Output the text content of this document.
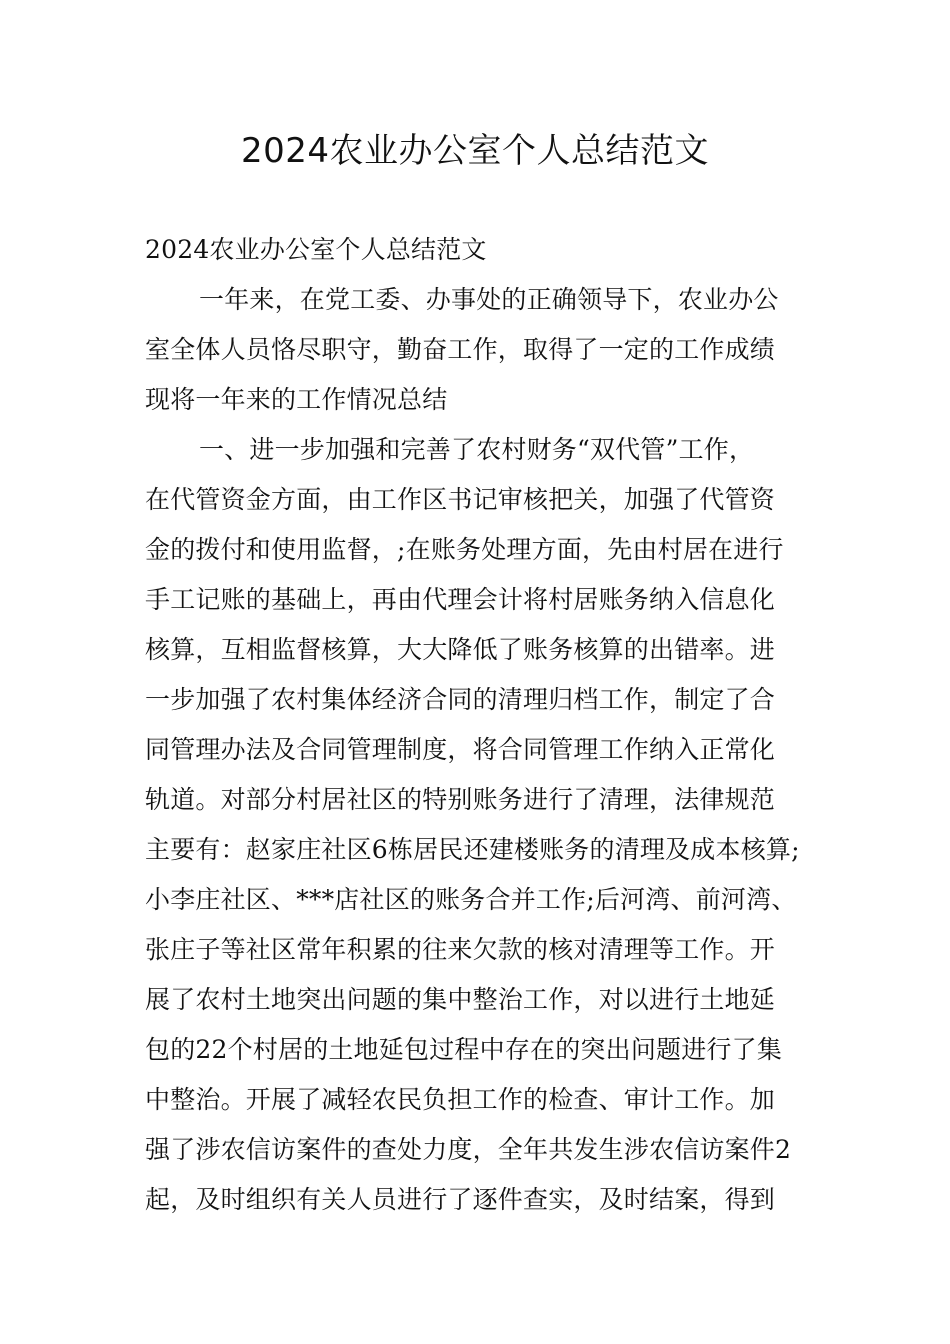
2024农业办公室个人总结范文
2024农业办公室个人总结范文
一年来，在党工委、办事处的正确领导下，农业办公
室全体人员恪尽职守，勤奋工作，取得了一定的工作成绩
现将一年来的工作情况总结
一、进一步加强和完善了农村财务“双代管”工作，
在代管资金方面，由工作区书记审核把关，加强了代管资
金的拨付和使用监督，;在账务处理方面，先由村居在进行
手工记账的基础上，再由代理会计将村居账务纳入信息化
核算，互相监督核算，大大降低了账务核算的出错率。进
一步加强了农村集体经济合同的清理归档工作，制定了合
同管理办法及合同管理制度，将合同管理工作纳入正常化
轨道。对部分村居社区的特别账务进行了清理，法律规范
主要有：赵家庄社区6栋居民还建楼账务的清理及成本核算;
小李庄社区、***店社区的账务合并工作;后河湾、前河湾、
张庄子等社区常年积累的往来欠款的核对清理等工作。开
展了农村土地突出问题的集中整治工作，对以进行土地延
包的22个村居的土地延包过程中存在的突出问题进行了集
中整治。开展了减轻农民负担工作的检查、审计工作。加
强了涉农信访案件的查处力度，全年共发生涉农信访案件2
起，及时组织有关人员进行了逐件查实，及时结案，得到
